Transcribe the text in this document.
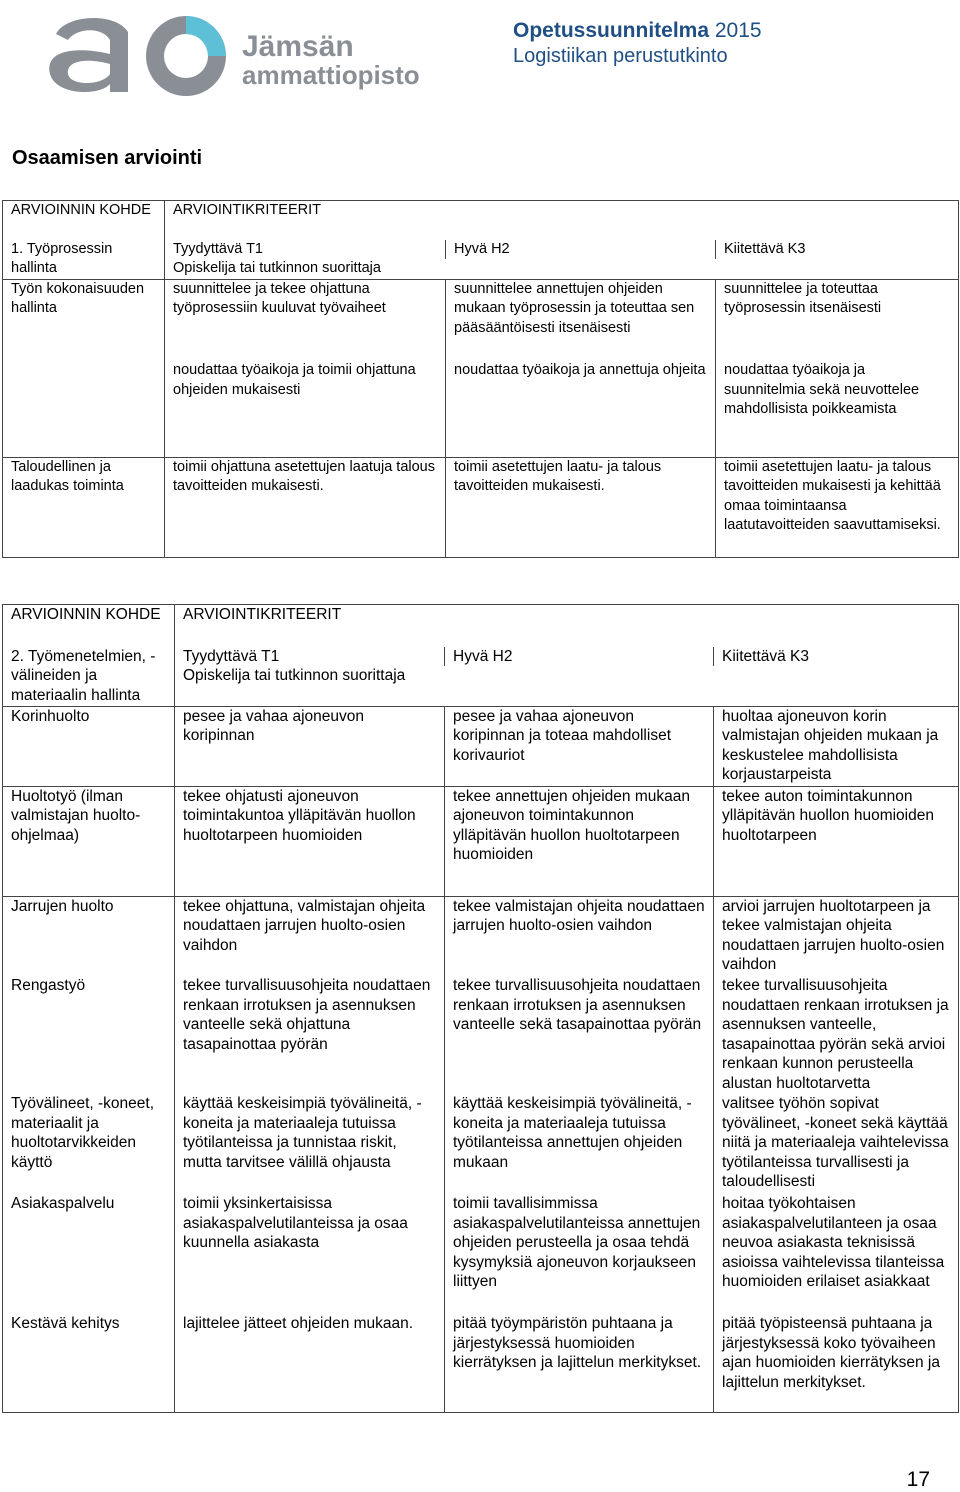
Jämsän
ammattiopisto
Opetussuunnitelma 2015
Logistiikan perustutkinto
Osaamisen arviointi
ARVIOINNIN KOHDE	ARVIOINTIKRITEERIT		
1. Työprosessin hallinta	Tyydyttävä T1	Hyvä H2	Kiitettävä K3
	Opiskelija tai tutkinnon suorittaja		
Työn kokonaisuuden hallinta	suunnittelee ja tekee ohjattuna työprosessiin kuuluvat työvaiheet	suunnittelee annettujen ohjeiden mukaan työprosessin ja toteuttaa sen pääsääntöisesti itsenäisesti	suunnittelee ja toteuttaa työprosessin itsenäisesti
	noudattaa työaikoja ja toimii ohjattuna ohjeiden mukaisesti	noudattaa työaikoja ja annettuja ohjeita	noudattaa työaikoja ja suunnitelmia sekä neuvottelee mahdollisista poikkeamista
Taloudellinen ja laadukas toiminta	toimii ohjattuna asetettujen laatuja talous tavoitteiden mukaisesti.	toimii asetettujen laatu- ja talous tavoitteiden mukaisesti.	toimii asetettujen laatu- ja talous tavoitteiden mukaisesti ja kehittää omaa toimintaansa laatutavoitteiden saavuttamiseksi.
ARVIOINNIN KOHDE	ARVIOINTIKRITEERIT		
2. Työmenetelmien, -välineiden ja materiaalin hallinta	Tyydyttävä T1	Hyvä H2	Kiitettävä K3
	Opiskelija tai tutkinnon suorittaja		
Korinhuolto	pesee ja vahaa ajoneuvon koripinnan	pesee ja vahaa ajoneuvon koripinnan ja toteaa mahdolliset korivauriot	huoltaa ajoneuvon korin valmistajan ohjeiden mukaan ja keskustelee mahdollisista korjaustarpeista
Huoltotyö (ilman valmistajan huolto-ohjelmaa)	tekee ohjatusti ajoneuvon toimintakuntoa ylläpitävän huollon huoltotarpeen huomioiden	tekee annettujen ohjeiden mukaan ajoneuvon toimintakunnon ylläpitävän huollon huoltotarpeen huomioiden	tekee auton toimintakunnon ylläpitävän huollon huomioiden huoltotarpeen
Jarrujen huolto	tekee ohjattuna, valmistajan ohjeita noudattaen jarrujen huolto-osien vaihdon	tekee valmistajan ohjeita noudattaen jarrujen huolto-osien vaihdon	arvioi jarrujen huoltotarpeen ja tekee valmistajan ohjeita noudattaen jarrujen huolto-osien vaihdon
Rengastyö	tekee turvallisuusohjeita noudattaen renkaan irrotuksen ja asennuksen vanteelle sekä ohjattuna tasapainottaa pyörän	tekee turvallisuusohjeita noudattaen renkaan irrotuksen ja asennuksen vanteelle sekä tasapainottaa pyörän	tekee turvallisuusohjeita noudattaen renkaan irrotuksen ja asennuksen vanteelle, tasapainottaa pyörän sekä arvioi renkaan kunnon perusteella alustan huoltotarvetta
Työvälineet, -koneet, materiaalit ja huoltotarvikkeiden käyttö	käyttää keskeisimpiä työvälineitä, -koneita ja materiaaleja tutuissa työtilanteissa ja tunnistaa riskit, mutta tarvitsee välillä ohjausta	käyttää keskeisimpiä työvälineitä, -koneita ja materiaaleja tutuissa työtilanteissa annettujen ohjeiden mukaan	valitsee työhön sopivat työvälineet, -koneet sekä käyttää niitä ja materiaaleja vaihtelevissa työtilanteissa turvallisesti ja taloudellisesti
Asiakaspalvelu	toimii yksinkertaisissa asiakaspalvelutilanteissa ja osaa kuunnella asiakasta	toimii tavallisimmissa asiakaspalvelutilanteissa annettujen ohjeiden perusteella ja osaa tehdä kysymyksiä ajoneuvon korjaukseen liittyen	hoitaa työkohtaisen asiakaspalvelutilanteen ja osaa neuvoa asiakasta teknisissä asioissa vaihtelevissa tilanteissa huomioiden erilaiset asiakkaat
Kestävä kehitys	lajittelee jätteet ohjeiden mukaan.	pitää työympäristön puhtaana ja järjestyksessä huomioiden kierrätyksen ja lajittelun merkitykset.	pitää työpisteensä puhtaana ja järjestyksessä koko työvaiheen ajan huomioiden kierrätyksen ja lajittelun merkitykset.
17
